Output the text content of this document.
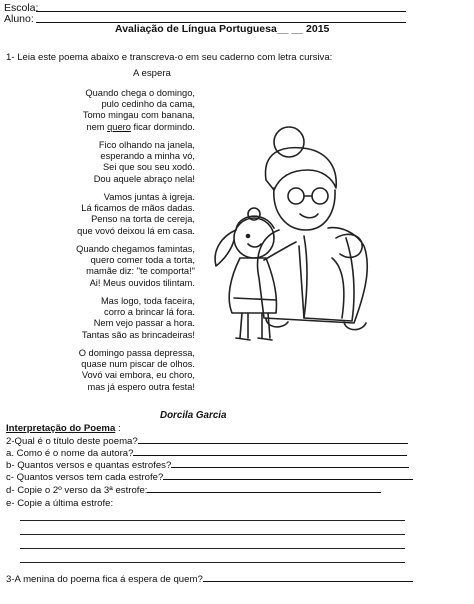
Escola:
Aluno:
Avaliação de Língua Portuguesa__ __ 2015
1- Leia este poema abaixo e transcreva-o em seu caderno com letra cursiva:
A espera
Quando chega o domingo,
pulo cedinho da cama,
Tomo mingau com banana,
nem quero ficar dormindo.
Fico olhando na janela,
esperando a minha vó,
Sei que sou seu xodó.
Dou aquele abraço nela!
Vamos juntas à igreja.
Lá ficamos de mãos dadas.
Penso na torta de cereja,
que vovó deixou lá em casa.
Quando chegamos famintas,
quero comer toda a torta,
mamãe diz: "te comporta!"
Ai! Meus ouvidos tilintam.
Mas logo, toda faceira,
corro a brincar lá fora.
Nem vejo passar a hora.
Tantas são as brincadeiras!
O domingo passa depressa,
quase num piscar de olhos.
Vovó vai embora, eu choro,
mas já espero outra festa!
Dorcila Garcia
Interpretação do Poema :
2-Qual é o título deste poema?
a. Como é o nome da autora?
b- Quantos versos e quantas estrofes?
c- Quantos versos tem cada estrofe?
d- Copie o 2º verso da 3ª estrofe:
e- Copie a última estrofe:
3-A menina do poema fica á espera de quem?
